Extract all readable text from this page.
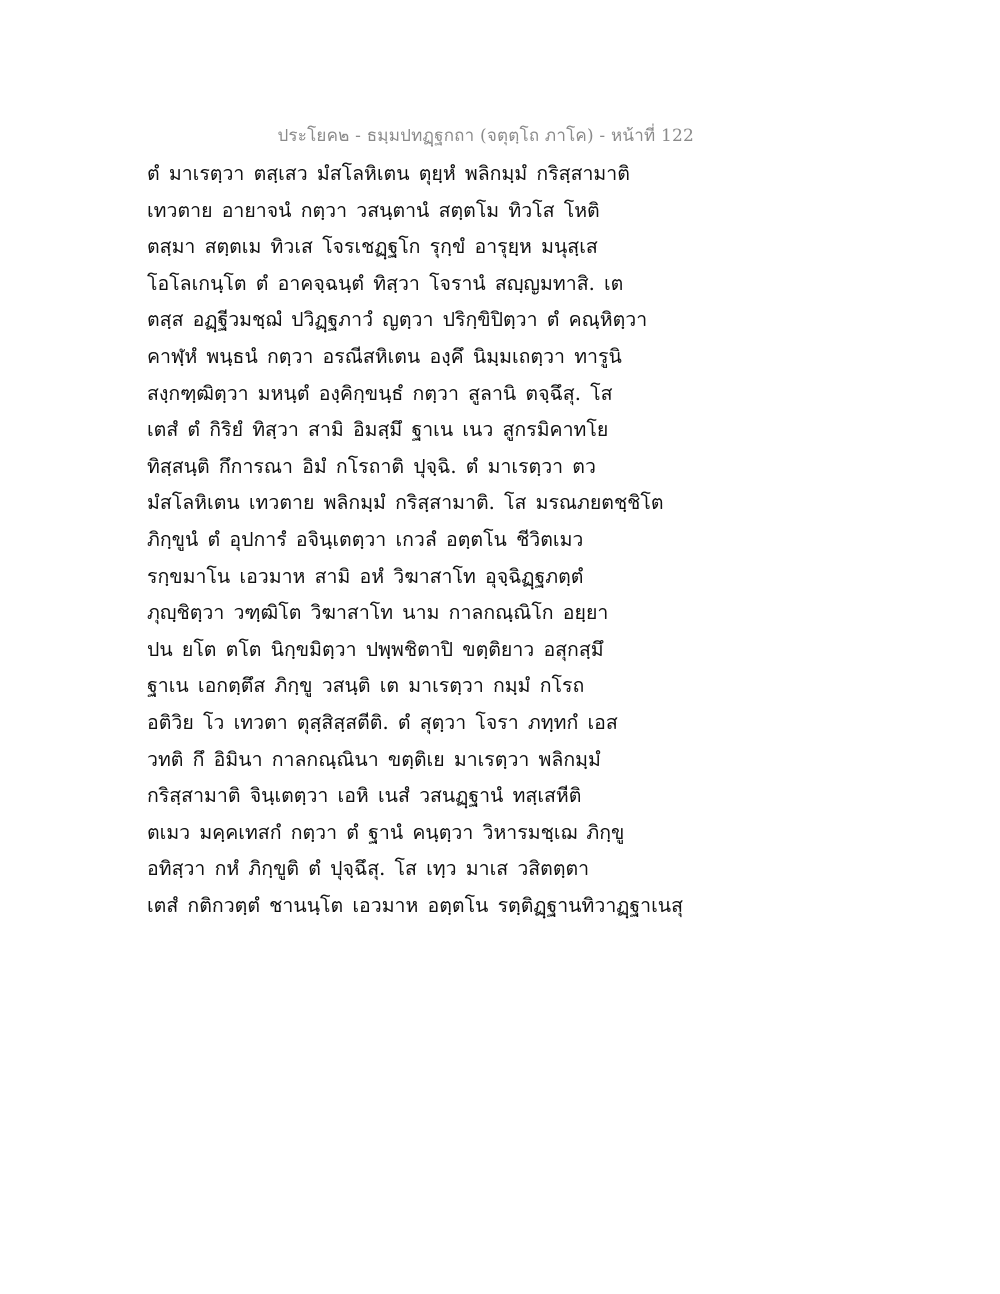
ประโยค๒ - ธมฺมปทฏฺฐกถา (จตุตฺโถ ภาโค) - หน้าที่ 122
ตํ มาเรตฺวา ตสฺเสว มํสโลหิเตน ตุยฺหํ พลิกมฺมํ กริสฺสามาติ
เทวตาย อายาจนํ กตฺวา วสนฺตานํ สตฺตโม ทิวโส โหติ
ตสฺมา สตฺตเม ทิวเส โจรเชฏฺฐโก รุกฺขํ อารุยฺห มนุสฺเส
โอโลเกนฺโต ตํ อาคจฺฉนฺตํ ทิสฺวา โจรานํ สญฺญมทาสิ. เต
ตสฺส อฏฺฐีวมชฺฌํ ปวิฏฺฐภาวํ ญตฺวา ปริกฺขิปิตฺวา ตํ คณฺหิตฺวา
คาฬฺหํ พนฺธนํ กตฺวา อรณีสหิเตน องฺคึ นิมฺมเถตฺวา ทารูนิ
สงฺกฑฺฒิตฺวา มหนฺตํ องฺคิกฺขนฺธํ กตฺวา สูลานิ ตจฺฉึสุ. โส
เตสํ ตํ กิริยํ ทิสฺวา สามิ อิมสฺมึ ฐาเน เนว สูกรมิคาทโย
ทิสฺสนฺติ กึการณา อิมํ กโรถาติ ปุจฺฉิ. ตํ มาเรตฺวา ตว
มํสโลหิเตน เทวตาย พลิกมฺมํ กริสฺสามาติ. โส มรณภยตชฺชิโต
ภิกฺขูนํ ตํ อุปการํ อจินฺเตตฺวา เกวลํ อตฺตโน ชีวิตเมว
รกฺขมาโน เอวมาห สามิ อหํ วิฆาสาโท อุจฺฉิฏฺฐภตฺตํ
ภุญฺชิตฺวา วฑฺฒิโต วิฆาสาโท นาม กาลกณฺณิโก อยฺยา
ปน ยโต ตโต นิกฺขมิตฺวา ปพฺพชิตาปิ ขตฺติยาว อสุกสฺมึ
ฐาเน เอกตฺตึส ภิกฺขู วสนฺติ เต มาเรตฺวา กมฺมํ กโรถ
อติวิย โว เทวตา ตุสฺสิสฺสตีติ. ตํ สุตฺวา โจรา ภทฺทกํ เอส
วทติ กึ อิมินา กาลกณฺณินา ขตฺติเย มาเรตฺวา พลิกมฺมํ
กริสฺสามาติ จินฺเตตฺวา เอหิ เนสํ วสนฏฺฐานํ ทสฺเสหีติ
ตเมว มคฺคเทสกํ กตฺวา ตํ ฐานํ คนฺตฺวา วิหารมชฺเฌ ภิกฺขู
อทิสฺวา กหํ ภิกฺขูติ ตํ ปุจฺฉึสุ. โส เทฺว มาเส วสิตตฺตา
เตสํ กติกวตฺตํ ชานนฺโต เอวมาห อตฺตโน รตฺติฏฺฐานทิวาฏฺฐาเนสุ
